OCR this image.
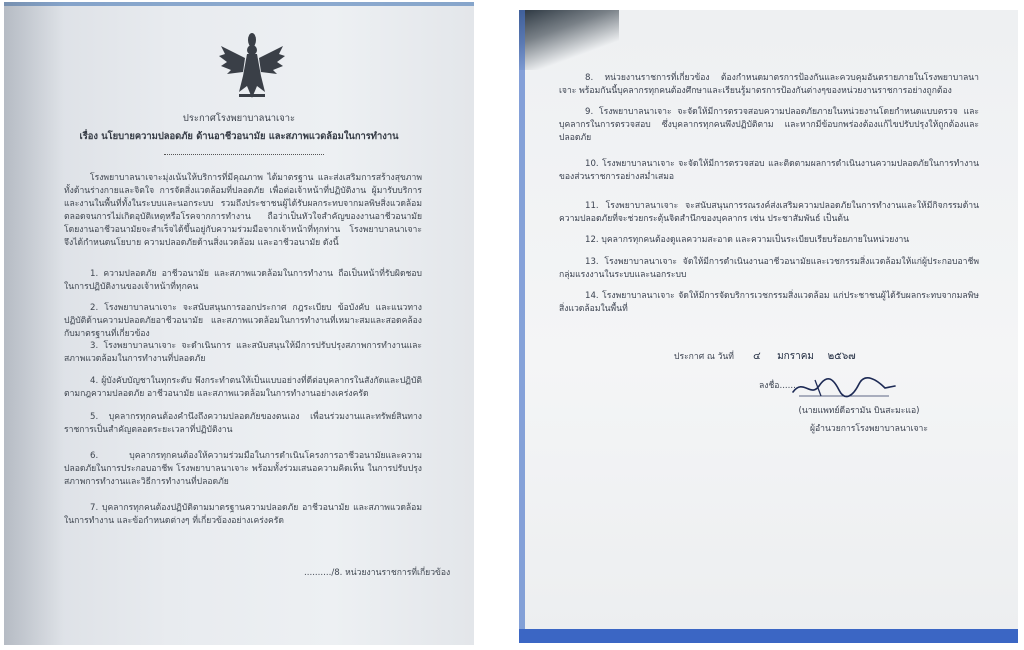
ประกาศโรงพยาบาลนาเจาะ
เรื่อง นโยบายความปลอดภัย ด้านอาชีวอนามัย และสภาพแวดล้อมในการทำงาน
โรงพยาบาลนาเจาะมุ่งเน้นให้บริการที่มีคุณภาพ ได้มาตรฐาน และส่งเสริมการสร้างสุขภาพทั้งด้านร่างกายและจิตใจ การจัดสิ่งแวดล้อมที่ปลอดภัย เพื่อต่อเจ้าหน้าที่ปฏิบัติงาน ผู้มารับบริการ และงานในพื้นที่ทั้งในระบบและนอกระบบ รวมถึงประชาชนผู้ได้รับผลกระทบจากมลพิษสิ่งแวดล้อม ตลอดจนการไม่เกิดอุบัติเหตุหรือโรคจากการทำงาน ถือว่าเป็นหัวใจสำคัญของงานอาชีวอนามัย โดยงานอาชีวอนามัยจะสำเร็จได้ขึ้นอยู่กับความร่วมมือจากเจ้าหน้าที่ทุกท่าน โรงพยาบาลนาเจาะจึงได้กำหนดนโยบาย ความปลอดภัยด้านสิ่งแวดล้อม และอาชีวอนามัย ดังนี้
1. ความปลอดภัย อาชีวอนามัย และสภาพแวดล้อมในการทำงาน ถือเป็นหน้าที่รับผิดชอบในการปฏิบัติงานของเจ้าหน้าที่ทุกคน
2. โรงพยาบาลนาเจาะ จะสนับสนุนการออกประกาศ กฎระเบียบ ข้อบังคับ และแนวทางปฏิบัติด้านความปลอดภัยอาชีวอนามัย และสภาพแวดล้อมในการทำงานที่เหมาะสมและสอดคล้องกับมาตรฐานที่เกี่ยวข้อง
3. โรงพยาบาลนาเจาะ จะดำเนินการ และสนับสนุนให้มีการปรับปรุงสภาพการทำงานและสภาพแวดล้อมในการทำงานที่ปลอดภัย
4. ผู้บังคับบัญชาในทุกระดับ พึงกระทำตนให้เป็นแบบอย่างที่ดีต่อบุคลากรในสังกัดและปฏิบัติตามกฎความปลอดภัย อาชีวอนามัย และสภาพแวดล้อมในการทำงานอย่างเคร่งครัด
5. บุคลากรทุกคนต้องคำนึงถึงความปลอดภัยของตนเอง เพื่อนร่วมงานและทรัพย์สินทางราชการเป็นสำคัญตลอดระยะเวลาที่ปฏิบัติงาน
6. บุคลากรทุกคนต้องให้ความร่วมมือในการดำเนินโครงการอาชีวอนามัยและความปลอดภัยในการประกอบอาชีพ โรงพยาบาลนาเจาะ พร้อมทั้งร่วมเสนอความคิดเห็น ในการปรับปรุงสภาพการทำงานและวิธีการทำงานที่ปลอดภัย
7. บุคลากรทุกคนต้องปฏิบัติตามมาตรฐานความปลอดภัย อาชีวอนามัย และสภาพแวดล้อมในการทำงาน และข้อกำหนดต่างๆ ที่เกี่ยวข้องอย่างเคร่งครัด
........../8. หน่วยงานราชการที่เกี่ยวข้อง
8. หน่วยงานราชการที่เกี่ยวข้อง ต้องกำหนดมาตรการป้องกันและควบคุมอันตรายภายในโรงพยาบาลนาเจาะ พร้อมกันนี้บุคลากรทุกคนต้องศึกษาและเรียนรู้มาตรการป้องกันต่างๆของหน่วยงานราชการอย่างถูกต้อง
9. โรงพยาบาลนาเจาะ จะจัดให้มีการตรวจสอบความปลอดภัยภายในหน่วยงานโดยกำหนดแบบตรวจ และบุคลากรในการตรวจสอบ ซึ่งบุคลากรทุกคนพึงปฏิบัติตาม และหากมีข้อบกพร่องต้องแก้ไขปรับปรุงให้ถูกต้องและปลอดภัย
10. โรงพยาบาลนาเจาะ จะจัดให้มีการตรวจสอบ และติดตามผลการดำเนินงานความปลอดภัยในการทำงานของส่วนราชการอย่างสม่ำเสมอ
11. โรงพยาบาลนาเจาะ จะสนับสนุนการรณรงค์ส่งเสริมความปลอดภัยในการทำงานและให้มีกิจกรรมด้านความปลอดภัยที่จะช่วยกระตุ้นจิตสำนึกของบุคลากร เช่น ประชาสัมพันธ์ เป็นต้น
12. บุคลากรทุกคนต้องดูแลความสะอาด และความเป็นระเบียบเรียบร้อยภายในหน่วยงาน
13. โรงพยาบาลนาเจาะ จัดให้มีการดำเนินงานอาชีวอนามัยและเวชกรรมสิ่งแวดล้อมให้แก่ผู้ประกอบอาชีพ กลุ่มแรงงานในระบบและนอกระบบ
14. โรงพยาบาลนาเจาะ จัดให้มีการจัดบริการเวชกรรมสิ่งแวดล้อม แก่ประชาชนผู้ได้รับผลกระทบจากมลพิษสิ่งแวดล้อมในพื้นที่
ประกาศ ณ วันที่ ๔ มกราคม ๒๕๖๗
ลงชื่อ......
(นายแพทย์ดีอรามัน บินสะมะแอ)
ผู้อำนวยการโรงพยาบาลนาเจาะ
